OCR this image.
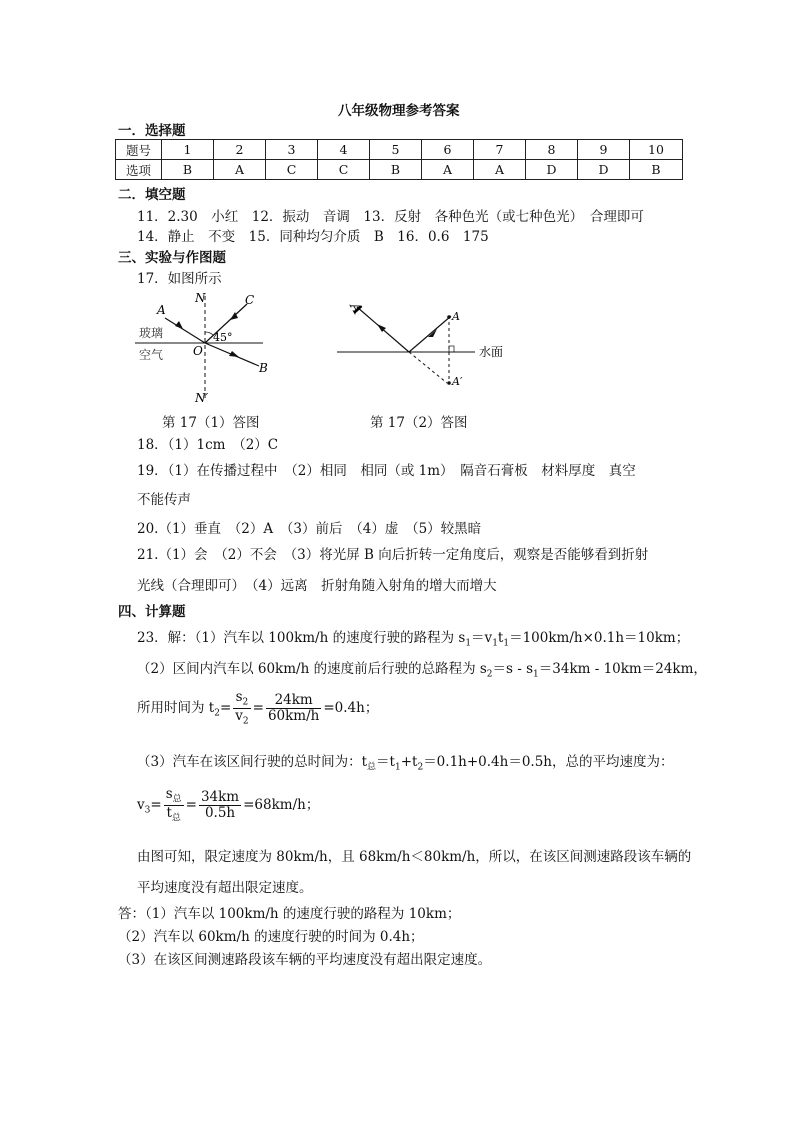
八年级物理参考答案
一．选择题
题号	1	2	3	4	5	6	7	8	9	10
选项	B	A	C	C	B	A	A	D	D	B
二．填空题
11．2.30　小红　12．振动　音调　13．反射　各种色光（或七种色光）　合理即可
14．静止　不变　15．同种均匀介质　B　16．0.6　175
三、实验与作图题
17．如图所示
A
N	C
45°
玻璃
O
空气
B
N′
第 17（1）答图
A	A
A′
水面
第 17（2）答图
18．（1）1cm　（2）C
19．（1）在传播过程中　（2）相同　相同（或 1m）　隔音石膏板　材料厚度　真空
不能传声
20.（1）垂直　（2）A　（3）前后　（4）虚　（5）较黑暗
21.（1）会　（2）不会　（3）将光屏 B 向后折转一定角度后，观察是否能够看到折射
光线（合理即可）　（4）远离　折射角随入射角的增大而增大
四、计算题
23．解：（1）汽车以 100km/h 的速度行驶的路程为 $s_1=v_1t_1=100km/h\times 0.1h=10km$；
（2）区间内汽车以 60km/h 的速度前后行驶的总路程为 $s_2=s - s_1=34km - 10km=24km$，
所用时间为 $t_2= \frac{s_2}{v_2} = \frac{24km}{60km/h} =0.4h$；
（3）汽车在该区间行驶的总时间为：$t_总=t_1+t_2=0.1h+0.4h=0.5h$，总的平均速度为：
$v_3= \frac{s_总}{t_总} = \frac{34km}{0.5h} =68km/h$；
由图可知，限定速度为 80km/h，且 68km/h＜80km/h，所以，在该区间测速路段该车辆的
平均速度没有超出限定速度。
答：（1）汽车以 100km/h 的速度行驶的路程为 10km；
（2）汽车以 60km/h 的速度行驶的时间为 0.4h；
（3）在该区间测速路段该车辆的平均速度没有超出限定速度。
